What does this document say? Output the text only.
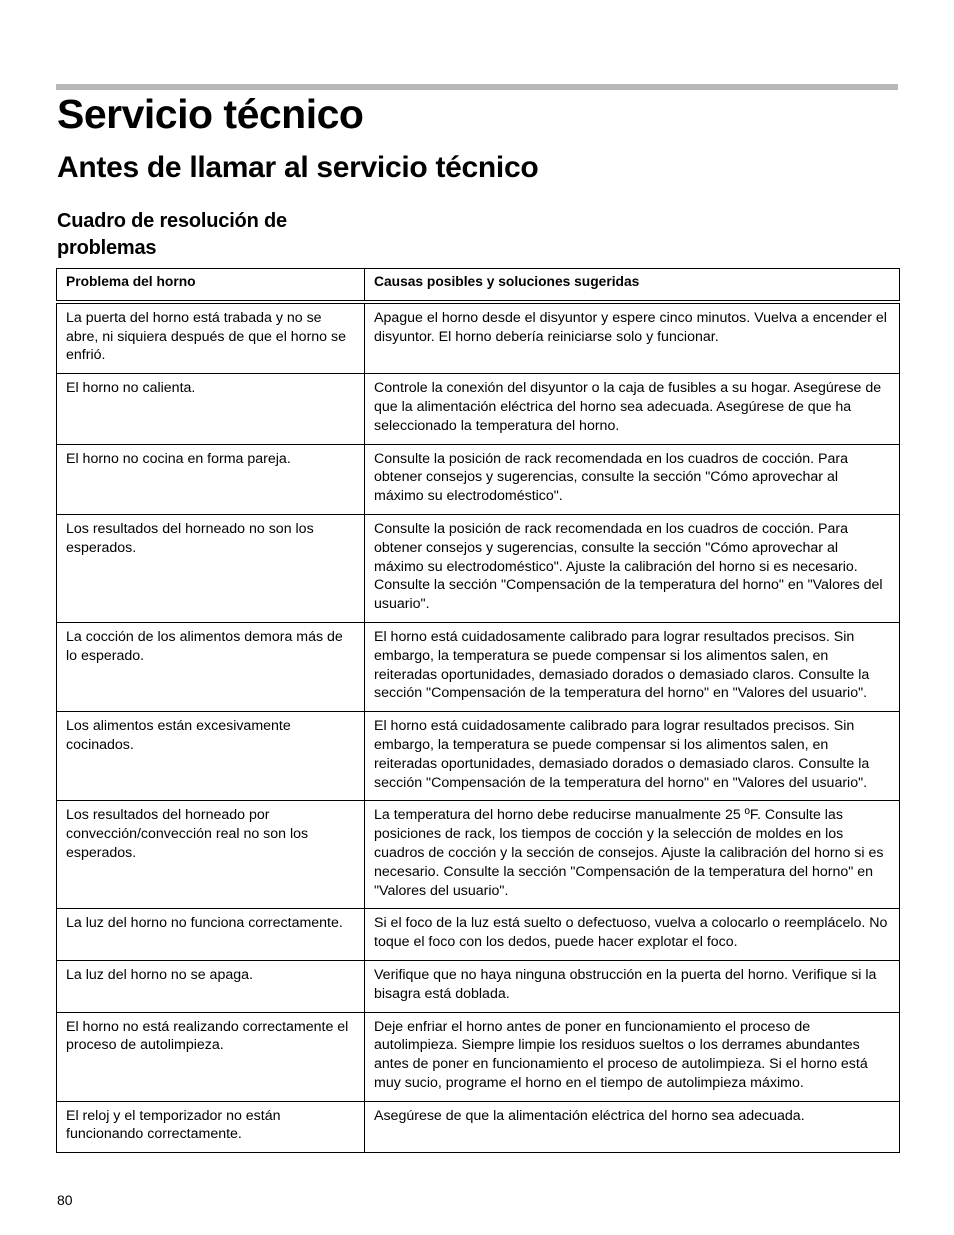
Servicio técnico
Antes de llamar al servicio técnico
Cuadro de resolución de problemas
Problema del horno	Causas posibles y soluciones sugeridas
La puerta del horno está trabada y no se abre, ni siquiera después de que el horno se enfrió.	Apague el horno desde el disyuntor y espere cinco minutos. Vuelva a encender el disyuntor. El horno debería reiniciarse solo y funcionar.
El horno no calienta.	Controle la conexión del disyuntor o la caja de fusibles a su hogar. Asegúrese de que la alimentación eléctrica del horno sea adecuada. Asegúrese de que ha seleccionado la temperatura del horno.
El horno no cocina en forma pareja.	Consulte la posición de rack recomendada en los cuadros de cocción. Para obtener consejos y sugerencias, consulte la sección "Cómo aprovechar al máximo su electrodoméstico".
Los resultados del horneado no son los esperados.	Consulte la posición de rack recomendada en los cuadros de cocción. Para obtener consejos y sugerencias, consulte la sección "Cómo aprovechar al máximo su electrodoméstico". Ajuste la calibración del horno si es necesario. Consulte la sección "Compensación de la temperatura del horno" en "Valores del usuario".
La cocción de los alimentos demora más de lo esperado.	El horno está cuidadosamente calibrado para lograr resultados precisos. Sin embargo, la temperatura se puede compensar si los alimentos salen, en reiteradas oportunidades, demasiado dorados o demasiado claros. Consulte la sección "Compensación de la temperatura del horno" en "Valores del usuario".
Los alimentos están excesivamente cocinados.	El horno está cuidadosamente calibrado para lograr resultados precisos. Sin embargo, la temperatura se puede compensar si los alimentos salen, en reiteradas oportunidades, demasiado dorados o demasiado claros. Consulte la sección "Compensación de la temperatura del horno" en "Valores del usuario".
Los resultados del horneado por convección/convección real no son los esperados.	La temperatura del horno debe reducirse manualmente 25 ºF. Consulte las posiciones de rack, los tiempos de cocción y la selección de moldes en los cuadros de cocción y la sección de consejos. Ajuste la calibración del horno si es necesario. Consulte la sección "Compensación de la temperatura del horno" en "Valores del usuario".
La luz del horno no funciona correctamente.	Si el foco de la luz está suelto o defectuoso, vuelva a colocarlo o reemplácelo. No toque el foco con los dedos, puede hacer explotar el foco.
La luz del horno no se apaga.	Verifique que no haya ninguna obstrucción en la puerta del horno. Verifique si la bisagra está doblada.
El horno no está realizando correctamente el proceso de autolimpieza.	Deje enfriar el horno antes de poner en funcionamiento el proceso de autolimpieza. Siempre limpie los residuos sueltos o los derrames abundantes antes de poner en funcionamiento el proceso de autolimpieza. Si el horno está muy sucio, programe el horno en el tiempo de autolimpieza máximo.
El reloj y el temporizador no están funcionando correctamente.	Asegúrese de que la alimentación eléctrica del horno sea adecuada.
80
